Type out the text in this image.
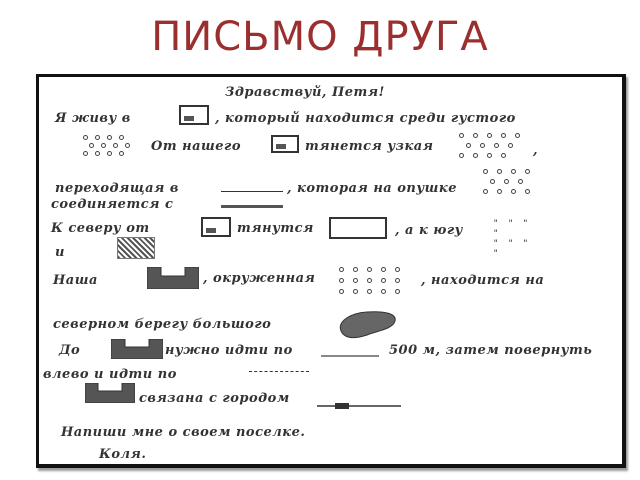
ПИСЬМО ДРУГА
Здравствуй, Петя!
Я живу в	, который находится среди густого
От нашего	тянется узкая	,
переходящая в	, которая на опушке
соединяется с
К северу от	тянутся	, а к югу	" " " "
" " " "
и
Наша	, окруженная	, находится на
северном берегу большого
До	нужно идти по	500 м, затем повернуть
влево и идти по
связана с городом
Напиши мне о своем поселке.
Коля.
